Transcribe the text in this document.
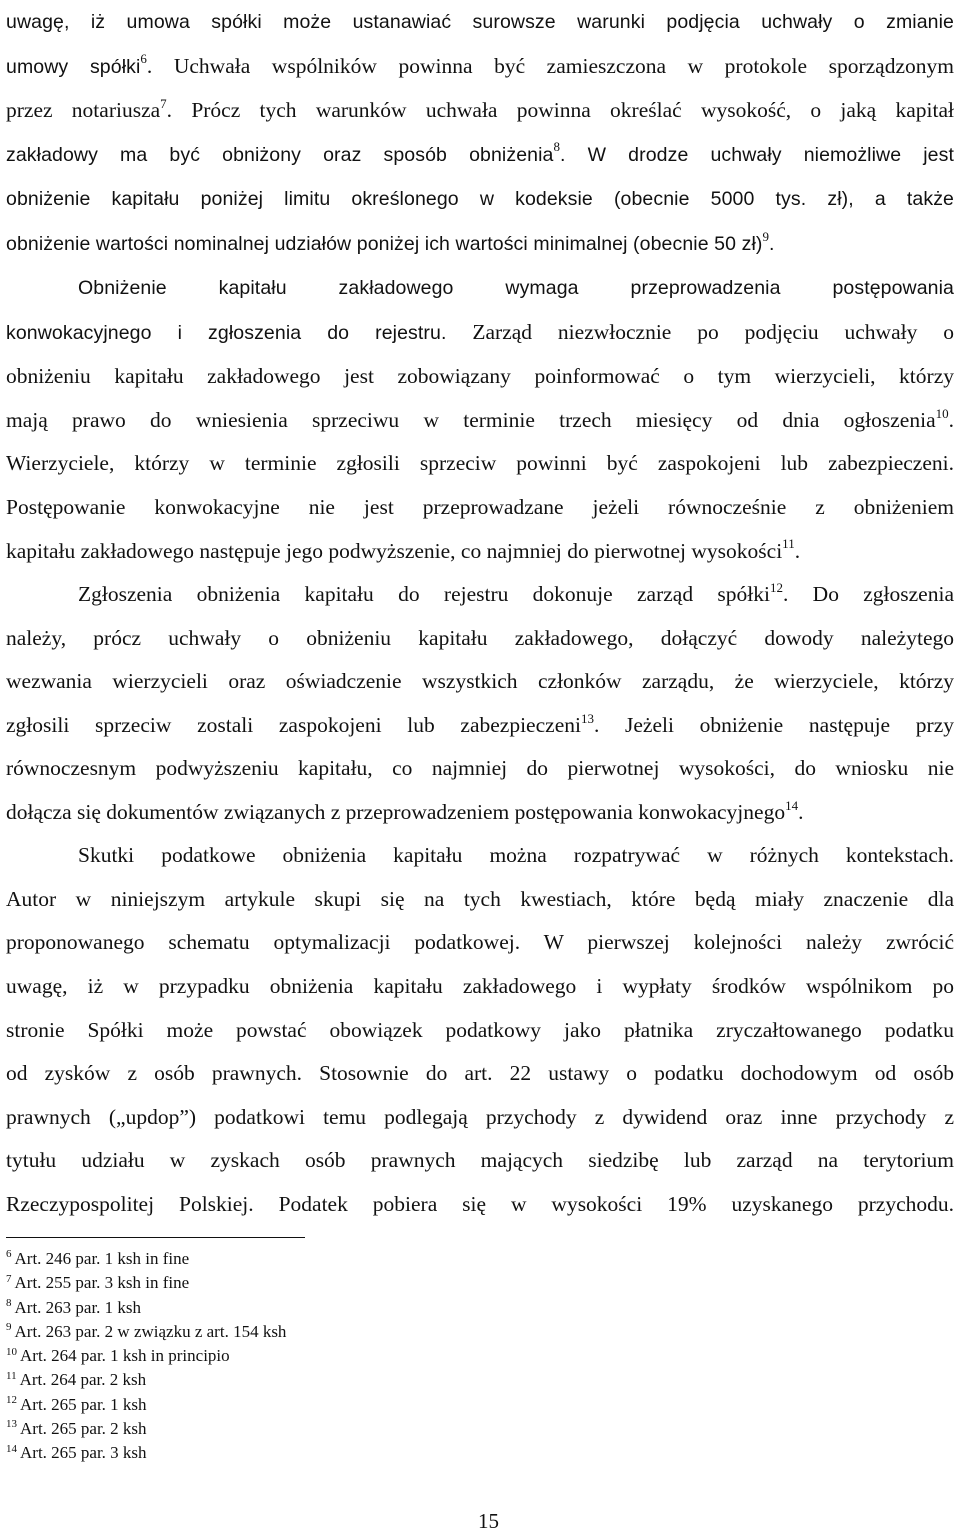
uwagę, iż umowa spółki może ustanawiać surowsze warunki podjęcia uchwały o zmianie
umowy spółki$^6$. Uchwała wspólników powinna być zamieszczona w protokole sporządzonym
przez notariusza$^7$. Prócz tych warunków uchwała powinna określać wysokość, o jaką kapitał
zakładowy ma być obniżony oraz sposób obniżenia$^8$. W drodze uchwały niemożliwe jest
obniżenie kapitału poniżej limitu określonego w kodeksie (obecnie 5000 tys. zł), a także
obniżenie wartości nominalnej udziałów poniżej ich wartości minimalnej (obecnie 50 zł)$^9$.
Obniżenie kapitału zakładowego wymaga przeprowadzenia postępowania
konwokacyjnego i zgłoszenia do rejestru. Zarząd niezwłocznie po podjęciu uchwały o
obniżeniu kapitału zakładowego jest zobowiązany poinformować o tym wierzycieli, którzy
mają prawo do wniesienia sprzeciwu w terminie trzech miesięcy od dnia ogłoszenia$^{10}$.
Wierzyciele, którzy w terminie zgłosili sprzeciw powinni być zaspokojeni lub zabezpieczeni.
Postępowanie konwokacyjne nie jest przeprowadzane jeżeli równocześnie z obniżeniem
kapitału zakładowego następuje jego podwyższenie, co najmniej do pierwotnej wysokości$^{11}$.
Zgłoszenia obniżenia kapitału do rejestru dokonuje zarząd spółki$^{12}$. Do zgłoszenia
należy, prócz uchwały o obniżeniu kapitału zakładowego, dołączyć dowody należytego
wezwania wierzycieli oraz oświadczenie wszystkich członków zarządu, że wierzyciele, którzy
zgłosili sprzeciw zostali zaspokojeni lub zabezpieczeni$^{13}$. Jeżeli obniżenie następuje przy
równoczesnym podwyższeniu kapitału, co najmniej do pierwotnej wysokości, do wniosku nie
dołącza się dokumentów związanych z przeprowadzeniem postępowania konwokacyjnego$^{14}$.
Skutki podatkowe obniżenia kapitału można rozpatrywać w różnych kontekstach.
Autor w niniejszym artykule skupi się na tych kwestiach, które będą miały znaczenie dla
proponowanego schematu optymalizacji podatkowej. W pierwszej kolejności należy zwrócić
uwagę, iż w przypadku obniżenia kapitału zakładowego i wypłaty środków wspólnikom po
stronie Spółki może powstać obowiązek podatkowy jako płatnika zryczałtowanego podatku
od zysków z osób prawnych. Stosownie do art. 22 ustawy o podatku dochodowym od osób
prawnych („updop”) podatkowi temu podlegają przychody z dywidend oraz inne przychody z
tytułu udziału w zyskach osób prawnych mających siedzibę lub zarząd na terytorium
Rzeczypospolitej Polskiej. Podatek pobiera się w wysokości 19% uzyskanego przychodu.
$^6$ Art. 246 par. 1 ksh in fine
$^7$ Art. 255 par. 3 ksh in fine
$^8$ Art. 263 par. 1 ksh
$^9$ Art. 263 par. 2 w związku z art. 154 ksh
$^{10}$ Art. 264 par. 1 ksh in principio
$^{11}$ Art. 264 par. 2 ksh
$^{12}$ Art. 265 par. 1 ksh
$^{13}$ Art. 265 par. 2 ksh
$^{14}$ Art. 265 par. 3 ksh
15
